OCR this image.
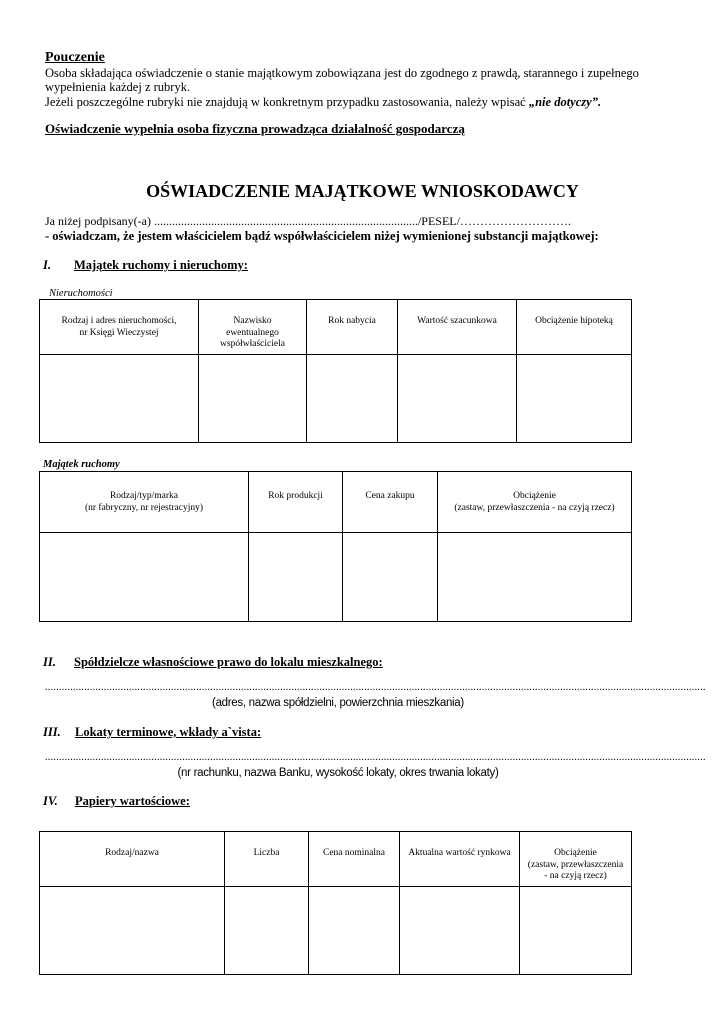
Pouczenie
Osoba składająca oświadczenie o stanie majątkowym zobowiązana jest do zgodnego z prawdą, starannego i zupełnego
wypełnienia każdej z rubryk.
Jeżeli poszczególne rubryki nie znajdują w konkretnym przypadku zastosowania, należy wpisać „nie dotyczy”.
Oświadczenie wypełnia osoba fizyczna prowadząca działalność gospodarczą
OŚWIADCZENIE MAJĄTKOWE WNIOSKODAWCY
Ja niżej podpisany(-a) ......................................................................................../PESEL/……………………….
- oświadczam, że jestem właścicielem bądź współwłaścicielem niżej wymienionej substancji majątkowej:
I. Majątek ruchomy i nieruchomy:
Nieruchomości
Rodzaj i adres nieruchomości,
nr Księgi Wieczystej	Nazwisko
ewentualnego
współwłaściciela	Rok nabycia	Wartość szacunkowa	Obciążenie hipoteką

Majątek ruchomy
Rodzaj/typ/marka
(nr fabryczny, nr rejestracyjny)	Rok produkcji	Cena zakupu	Obciążenie
(zastaw, przewłaszczenia - na czyją rzecz)

II. Spółdzielcze własnościowe prawo do lokalu mieszkalnego:
............................................................................................................................................................................................................................................
(adres, nazwa spółdzielni, powierzchnia mieszkania)
III. Lokaty terminowe, wkłady a`vista:
............................................................................................................................................................................................................................................
(nr rachunku, nazwa Banku, wysokość lokaty, okres trwania lokaty)
IV. Papiery wartościowe:
Rodzaj/nazwa	Liczba	Cena nominalna	Aktualna wartość rynkowa	Obciążenie
(zastaw, przewłaszczenia
- na czyją rzecz)
